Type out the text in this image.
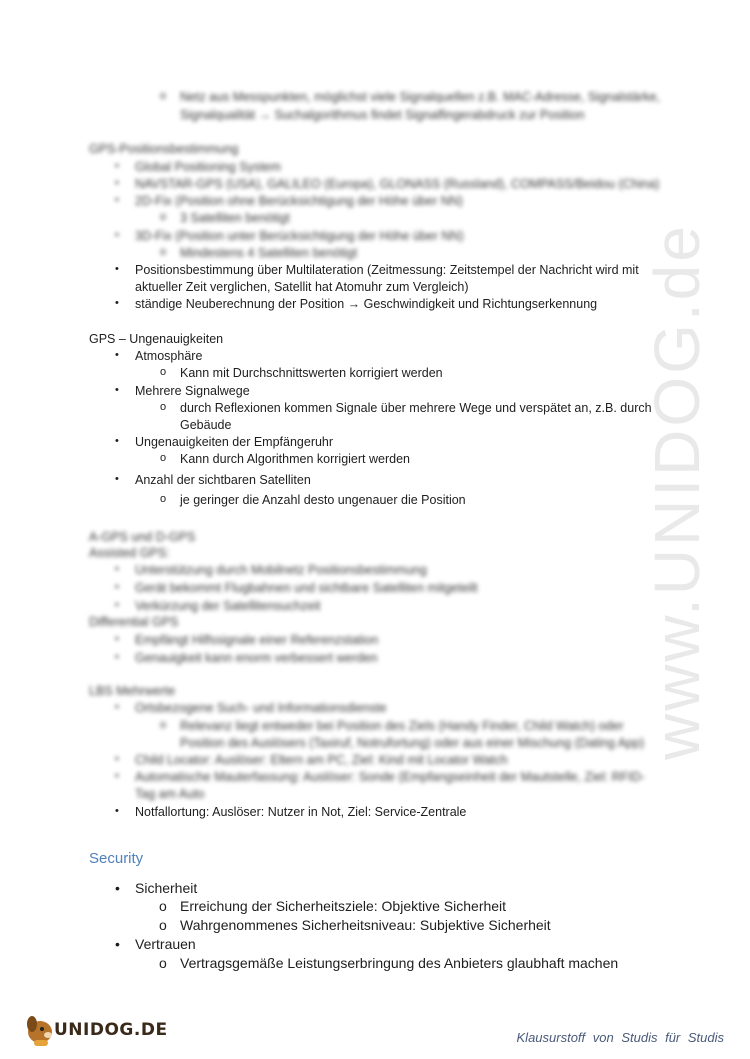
www.UNIDOG.de
o Netz aus Messpunkten, möglichst viele Signalquellen z.B. MAC-Adresse, Signalstärke,
Signalqualität → Suchalgorithmus findet Signalfingerabdruck zur Position
GPS-Positionsbestimmung
• Global Positioning System
• NAVSTAR-GPS (USA), GALILEO (Europa), GLONASS (Russland), COMPASS/Beidou (China)
• 2D-Fix (Position ohne Berücksichtigung der Höhe über NN)
o 3 Satelliten benötigt
• 3D-Fix (Position unter Berücksichtigung der Höhe über NN)
o Mindestens 4 Satelliten benötigt
• Positionsbestimmung über Multilateration (Zeitmessung: Zeitstempel der Nachricht wird mit
aktueller Zeit verglichen, Satellit hat Atomuhr zum Vergleich)
• ständige Neuberechnung der Position → Geschwindigkeit und Richtungserkennung
GPS – Ungenauigkeiten
• Atmosphäre
o Kann mit Durchschnittswerten korrigiert werden
• Mehrere Signalwege
o durch Reflexionen kommen Signale über mehrere Wege und verspätet an, z.B. durch
Gebäude
• Ungenauigkeiten der Empfängeruhr
o Kann durch Algorithmen korrigiert werden
• Anzahl der sichtbaren Satelliten
o je geringer die Anzahl desto ungenauer die Position
A-GPS und D-GPS
Assisted GPS:
• Unterstützung durch Mobilnetz Positionsbestimmung
• Gerät bekommt Flugbahnen und sichtbare Satelliten mitgeteilt
• Verkürzung der Satellitensuchzeit
Differential GPS
• Empfängt Hilfssignale einer Referenzstation
• Genauigkeit kann enorm verbessert werden
LBS Mehrwerte
• Ortsbezogene Such- und Informationsdienste
o Relevanz liegt entweder bei Position des Ziels (Handy Finder, Child Watch) oder
Position des Auslösers (Taxiruf, Notrufortung) oder aus einer Mischung (Dating App)
• Child Locator: Auslöser: Eltern am PC, Ziel: Kind mit Locator Watch
• Automatische Mauterfassung: Auslöser: Sonde (Empfangseinheit der Mautstelle, Ziel: RFID-
Tag am Auto
• Notfallortung: Auslöser: Nutzer in Not, Ziel: Service-Zentrale
Security
• Sicherheit
o Erreichung der Sicherheitsziele: Objektive Sicherheit
o Wahrgenommenes Sicherheitsniveau: Subjektive Sicherheit
• Vertrauen
o Vertragsgemäße Leistungserbringung des Anbieters glaubhaft machen
UNIDOG.DE	Klausurstoff von Studis für Studis
